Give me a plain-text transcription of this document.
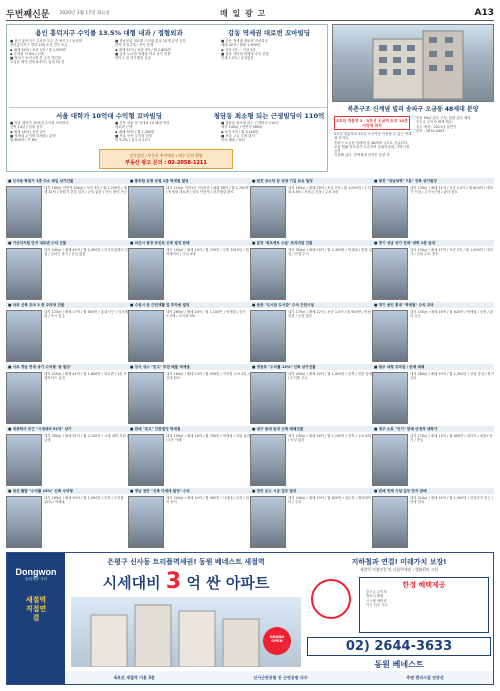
두번째신문 2020년 3월 17일 화요일	매 일 광 고	A13
용인 흥덕지구 수익률 13.5% 대형 내과 / 정형외과	강동 역세권 대로변 꼬마빌딩
■ 용인 흥덕지구 주차장 모두 층 용인 2 / 동현역
용인흥덕지구 경하 100 호실 전부 소유
◆ 매매 34억 / 보증 1억 / 월 1,500만
◆ 수익률 약 8% / 신축
■ 정성구 포커스랑 간 주식 명건물
주업동 매각 전세 8.5억 / 임대 10 건
■ 경남공업 대로변 수익형 통상 10개 분양 공간
잔여 호실 2개 / 전속 중개
◆ 메매 52억 / 보증 3억 / 월 2,800만
■ 공장 도로변 역세권 학교 상가 건물
바닥 1 건 리모델링 준공
■ 강동 역세권 대로변 꼬마빌딩
매매 42억 / 월세 1,900만
◆ 지하 1층 ~ 지상 5층
■ 강동 지하철 역세권 수익 건물
연세 1.2억 / 공실없음
서울 대학가 10억대 수익형 꼬마빌딩	청담동 최소형 되는 근생빌딩이 110억
■ 서울 대학가 10억대 수익형 꼬마빌딩
신축 14년 / 임대 전부
◆ 매매 14억 / 보증 2억
■ 역세권 수익형 다세대 / 분양
월 600만 / 연 6%
■ 강북 서울 경 임대료 10 메매 빌딩
대로변 근생
◆ 매매 30억 / 월 1,300만
■ 서울 신축 수익형 빌딩
연 5.2% / 실투자 12억
■ 청담동 최소형 되는 근생빌딩 110억
대지 140㎡ / 연면적 560㎡
◆ 보증 5억 / 월 3,500만
■ 서울 고급 주택 대지
단독 매물 / 협의
장기상담 / 부동산 추천매물 / 매수 문의 환영
부동산 광고 문의 : 02-2058-1211
북촌구조 신계념 빌리 송파구 오금동 48세대 분양
5호선 개롱역 3 · 5호선 오금역 도보 10분 거리에 위치
5호선 개롱역과 3호선 오금역을 이용할 수 있는 역세권 단지로,
송파구 오금동 일대에 총 48세대 규모로 공급된다.
교통·생활 인프라가 우수하며 올림픽공원, 가락시장 등이
인접해 있다. 잔여세대 선착순 분양 중.
전용 59㎡ 위주 구성, 남향 위주 배치.
중도금 무이자 혜택 제공.
입주 예정 : 2021년 상반기
문의 : 1670-4453
■ 신사동 학원가 1층 주소 매입 상가건물
대지 180㎡ 연면적 540㎡ / 보증 3억 / 월 1,200만 / 매매 32억 / 학원가 중심 입지 / 공실 없음 / 즉시 계약 가능
■ 풍부한 유명 상권 1층 역세권 빌딩
대지 210㎡ 지하1층 지상5층 / 매매 38억 / 월 1,700만 / 역세권 대로변 / 임차 안정적 / 리모델링 완료
■ 원진 코스닥 등 상장 기업 보유 빌딩
대지 165㎡ / 매매 29억 / 보증 2억 / 월 1,050만 / 수익률 4.5% / 신축급 건물 / 주차 5대
■ 광진 "성남대역" 7분" 건축 상가빌딩
대지 130㎡ / 매매 21억 / 보증 1.5억 / 월 800만 / 대학가 인접 / 주거+근생 / 관리 양호
■ 가산디지털 단지 대로변 수익 건물
대지 240㎡ / 매매 45억 / 월 2,000만 / 지식산업센터 인접 / 임차인 장기 / 공실 없음
■ 마산시 광장 포인트 신축 빌딩 판매
대지 155㎡ / 매매 19억 / 월 750만 / 신축 2019년 / 엘리베이터 / 주차 4대
■ 분당 '최초센트 수급' 프리미엄 건물
대지 300㎡ / 매매 55억 / 월 2,300만 / 역세권 / 병원 입점 / 안정 수익
■ 경기 성남 상가 전체 '대학 1층 임대'
대지 190㎡ / 매매 27억 / 보증 2억 / 월 1,000만 / 대학가 / 임대 수요 풍부
■ 마포 신축 꼬마 2 층 주차장 건물
대지 120㎡ / 매매 17억 / 월 650만 / 홍대 인근 / 리모델링 / 즉시 입주
■ 수원시 원 근린생활 업 투자용 빌딩
대지 260㎡ / 매매 24억 / 월 1,100만 / 역세권 / 상가+주택 / 수익률 5%
■ 동판 "도서관 도서관" 수익 근린시설
대지 175㎡ / 매매 22억 / 보증 1.5억 / 월 900만 / 학원 밀집 / 공실 없음
■ 경기 용인 홍대 "역세권" 수익 꼬마
대지 145㎡ / 매매 16억 / 월 620만 / 역세권 / 신축 / 관리 우수
■ 서초 경남 연세 상가 수익형 '용 빌딩'
대지 220㎡ / 매매 41억 / 월 1,800만 / 대로변 / 1층 프랜차이즈 입점
■ 강서 성수 "웃고" 추천 매물 역세권
대지 160㎡ / 매매 23억 / 월 950만 / 지하철 도보 3분 / 임대 완료
■ 영등포 "수익률 13%" 신축 상가건물
대지 200㎡ / 매매 30억 / 월 1,450만 / 신축 / 전층 임대 / 수익률 우수
■ 광주 대형 프라임 / 판매 매매
대지 280㎡ / 매매 33억 / 월 1,350만 / 상권 중심 / 장기 임차
■ 세종학사 부근 "시세대비 51억" 상가
대지 330㎡ / 매매 51억 / 월 2,100만 / 시세 대비 저렴 / 급매
■ 판매 "로고" 간판빌딩 역세권
대지 150㎡ / 매매 18억 / 월 700만 / 역세권 / 간판 효과 / 1층 카페
■ 대구 동대 임대 신축 매매건물
대지 230㎡ / 매매 26억 / 월 1,150만 / 신축 / 주차 6대 / 공실 없음
■ 청주 소호 "인기" 판매 안정적 대학가
대지 170㎡ / 매매 15억 / 월 600만 / 대학가 / 원룸+상가 / 만실
■ 대선 활발 "수익률 12%" 신축 수익형
대지 185㎡ / 매매 20억 / 월 1,000만 / 신축 / 수익률 12% / 역세권
■ 경남 천안 "신축 다세대 빌딩" 수익
대지 200㎡ / 매매 14억 / 월 580만 / 다세대 / 신축 / 관리 용이
■ 천안 온수 시공 업무 빌딩
대지 240㎡ / 매매 19억 / 월 820만 / 업무용 / 엘리베이터 / 주차
■ 판매 전체 시설 업무 단지 판매
대지 310㎡ / 매매 35억 / 월 1,500만 / 산업단지 인근 / 안정 임차
Dongwon
동원개발 시티
새절역 직접연결
은평구 신사동 트리플역세권! 동원 베네스트 새절역
시세대비 3 억 싼 아파트
GRAND OPEN
지하철과 연결! 미래가치 보장!
새절역 직접연결 및 더블역세권 / 생활편의 시설
한정 혜택제공
중도금 무이자
발코니 확장
시스템 에어컨
즉시 입주 가능
02) 2644-3633
동원 베네스트
6호선 새절역 이용 3분	신사근린공원 등 근린공원 다수	주변 편의시설 연장선
